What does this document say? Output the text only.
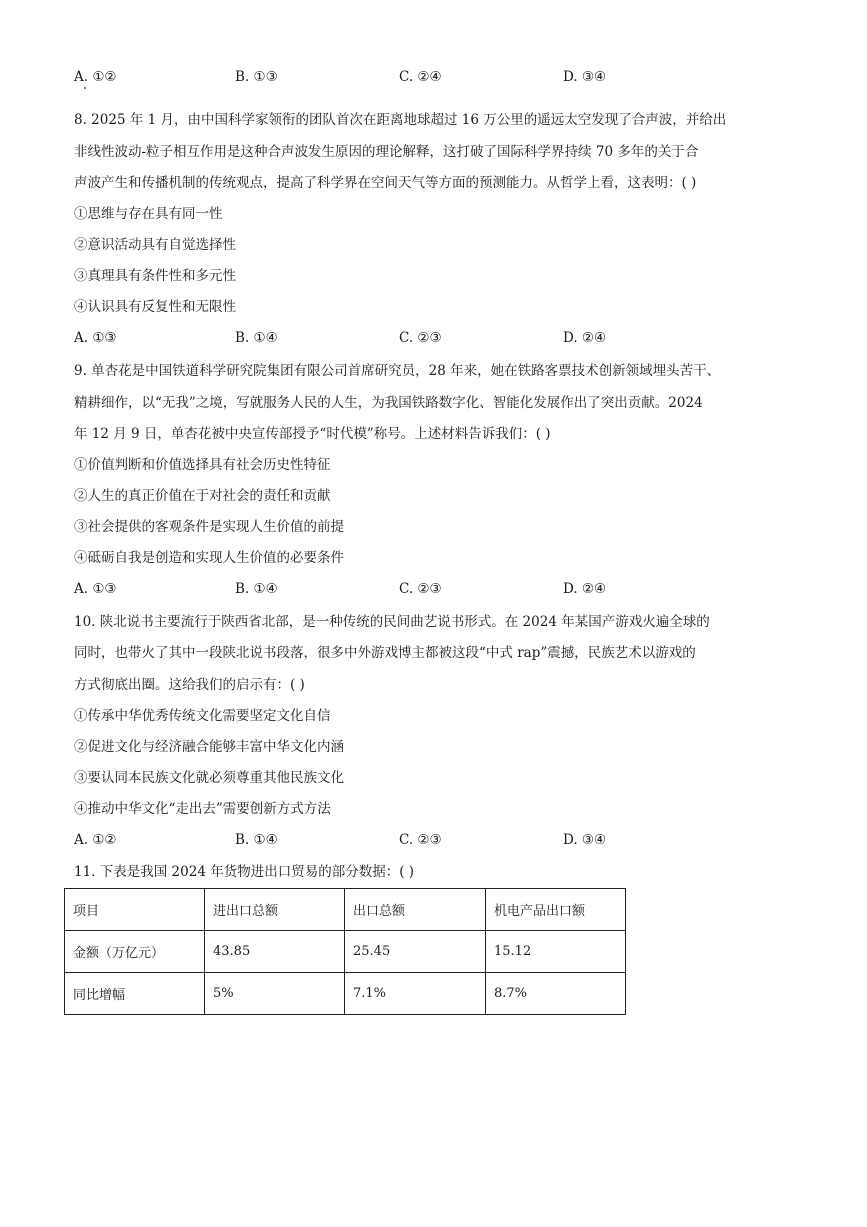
A. ①②	B. ①③	C. ②④	D. ③④
8. 2025 年 1 月，由中国科学家领衔的团队首次在距离地球超过 16 万公里的遥远太空发现了合声波，并给出
非线性波动-粒子相互作用是这种合声波发生原因的理论解释，这打破了国际科学界持续 70 多年的关于合
声波产生和传播机制的传统观点，提高了科学界在空间天气等方面的预测能力。从哲学上看，这表明：( )
①思维与存在具有同一性
②意识活动具有自觉选择性
③真理具有条件性和多元性
④认识具有反复性和无限性
A. ①③	B. ①④	C. ②③	D. ②④
9. 单杏花是中国铁道科学研究院集团有限公司首席研究员，28 年来，她在铁路客票技术创新领域埋头苦干、
精耕细作，以“无我”之境，写就服务人民的人生，为我国铁路数字化、智能化发展作出了突出贡献。2024
年 12 月 9 日，单杏花被中央宣传部授予“时代模”称号。上述材料告诉我们：( )
①价值判断和价值选择具有社会历史性特征
②人生的真正价值在于对社会的责任和贡献
③社会提供的客观条件是实现人生价值的前提
④砥砺自我是创造和实现人生价值的必要条件
A. ①③	B. ①④	C. ②③	D. ②④
10. 陕北说书主要流行于陕西省北部，是一种传统的民间曲艺说书形式。在 2024 年某国产游戏火遍全球的
同时，也带火了其中一段陕北说书段落，很多中外游戏博主都被这段“中式 rap”震撼，民族艺术以游戏的
方式彻底出圈。这给我们的启示有：( )
①传承中华优秀传统文化需要坚定文化自信
②促进文化与经济融合能够丰富中华文化内涵
③要认同本民族文化就必须尊重其他民族文化
④推动中华文化“走出去”需要创新方式方法
A. ①②	B. ①④	C. ②③	D. ③④
11. 下表是我国 2024 年货物进出口贸易的部分数据：( )
项目	进出口总额	出口总额	机电产品出口额
金额（万亿元）	43.85	25.45	15.12
同比增幅	5%	7.1%	8.7%
